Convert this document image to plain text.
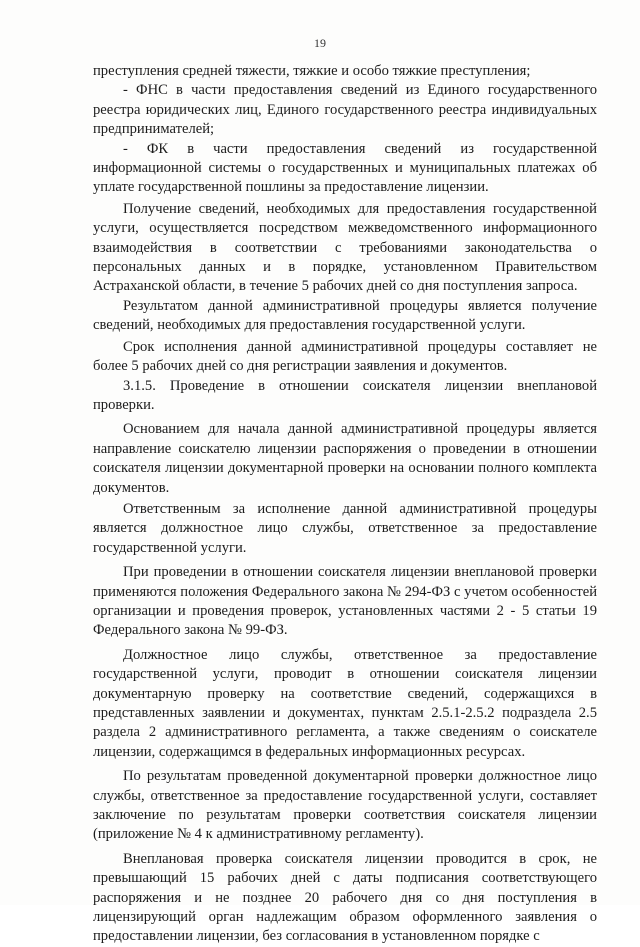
19

преступления средней тяжести, тяжкие и особо тяжкие преступления;

- ФНС в части предоставления сведений из Единого государственного реестра юридических лиц, Единого государственного реестра индивидуальных предпринимателей;

- ФК в части предоставления сведений из государственной информационной системы о государственных и муниципальных платежах об уплате государственной пошлины за предоставление лицензии.

Получение сведений, необходимых для предоставления государственной услуги, осуществляется посредством межведомственного информационного взаимодействия в соответствии с требованиями законодательства о персональных данных и в порядке, установленном Правительством Астраханской области, в течение 5 рабочих дней со дня поступления запроса.

Результатом данной административной процедуры является получение сведений, необходимых для предоставления государственной услуги.

Срок исполнения данной административной процедуры составляет не более 5 рабочих дней со дня регистрации заявления и документов.

3.1.5. Проведение в отношении соискателя лицензии внеплановой проверки.

Основанием для начала данной административной процедуры является направление соискателю лицензии распоряжения о проведении в отношении соискателя лицензии документарной проверки на основании полного комплекта документов.

Ответственным за исполнение данной административной процедуры является должностное лицо службы, ответственное за предоставление государственной услуги.

При проведении в отношении соискателя лицензии внеплановой проверки применяются положения Федерального закона № 294-ФЗ с учетом особенностей организации и проведения проверок, установленных частями 2 - 5 статьи 19 Федерального закона № 99-ФЗ.

Должностное лицо службы, ответственное за предоставление государственной услуги, проводит в отношении соискателя лицензии документарную проверку на соответствие сведений, содержащихся в представленных заявлении и документах, пунктам 2.5.1-2.5.2 подраздела 2.5 раздела 2 административного регламента, а также сведениям о соискателе лицензии, содержащимся в федеральных информационных ресурсах.

По результатам проведенной документарной проверки должностное лицо службы, ответственное за предоставление государственной услуги, составляет заключение по результатам проверки соответствия соискателя лицензии (приложение № 4 к административному регламенту).

Внеплановая проверка соискателя лицензии проводится в срок, не превышающий 15 рабочих дней с даты подписания соответствующего распоряжения и не позднее 20 рабочего дня со дня поступления в лицензирующий орган надлежащим образом оформленного заявления о предоставлении лицензии, без согласования в установленном порядке с
